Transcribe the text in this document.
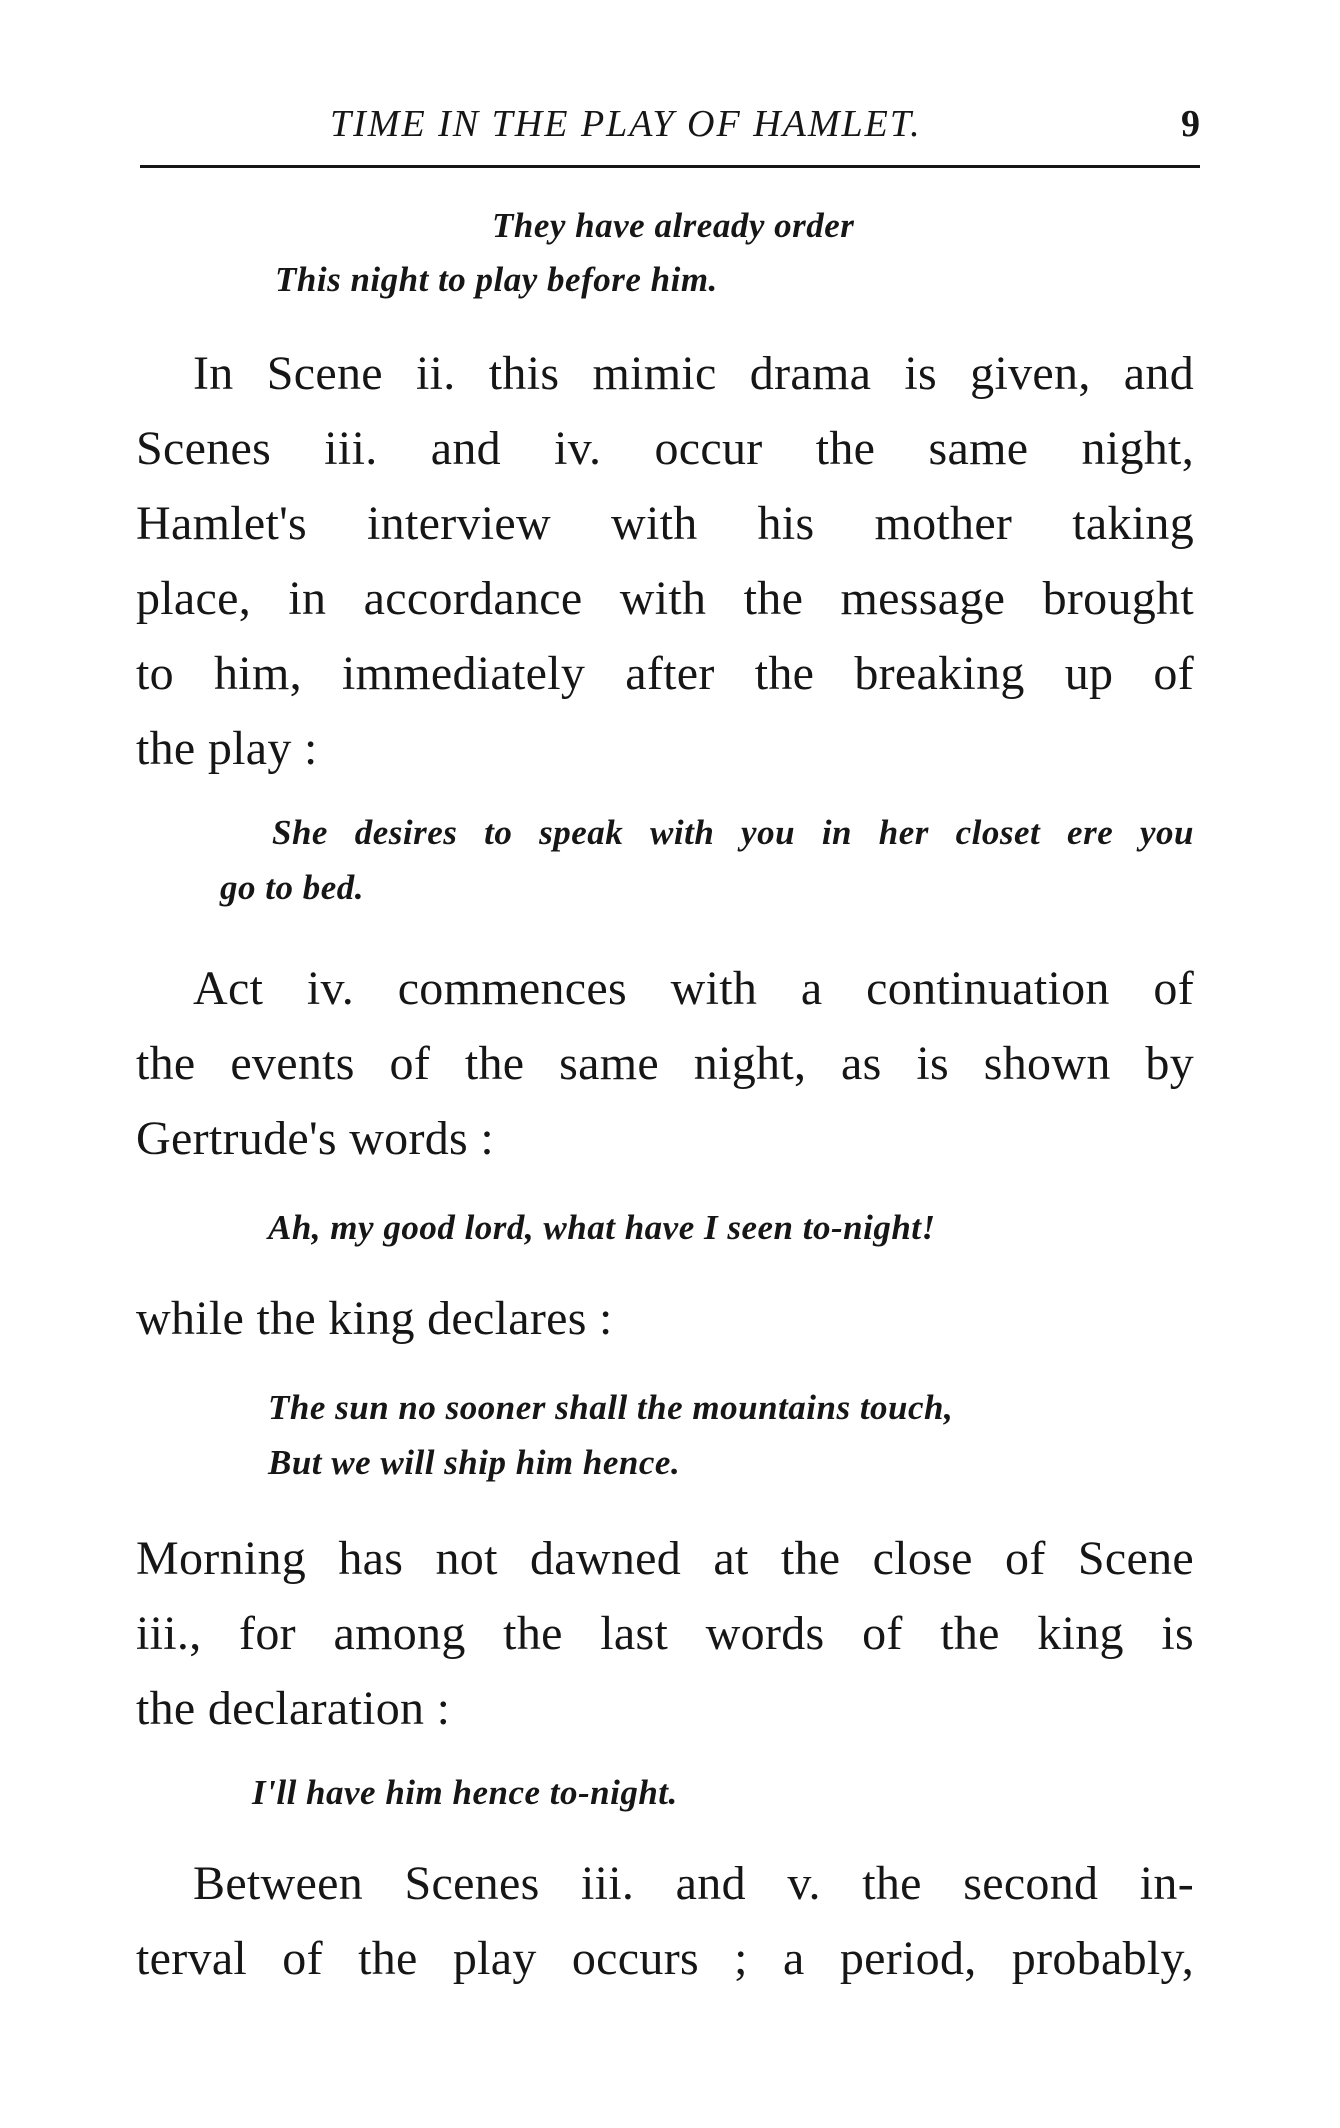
TIME IN THE PLAY OF HAMLET.	9
They have already order
This night to play before him.
In Scene ii. this mimic drama is given, and
Scenes iii. and iv. occur the same night,
Hamlet's interview with his mother taking
place, in accordance with the message brought
to him, immediately after the breaking up of
the play :
She desires to speak with you in her closet ere you
go to bed.
Act iv. commences with a continuation of
the events of the same night, as is shown by
Gertrude's words :
Ah, my good lord, what have I seen to-night!
while the king declares :
The sun no sooner shall the mountains touch,
But we will ship him hence.
Morning has not dawned at the close of Scene
iii., for among the last words of the king is
the declaration :
I'll have him hence to-night.
Between Scenes iii. and v. the second in-
terval of the play occurs ; a period, probably,
